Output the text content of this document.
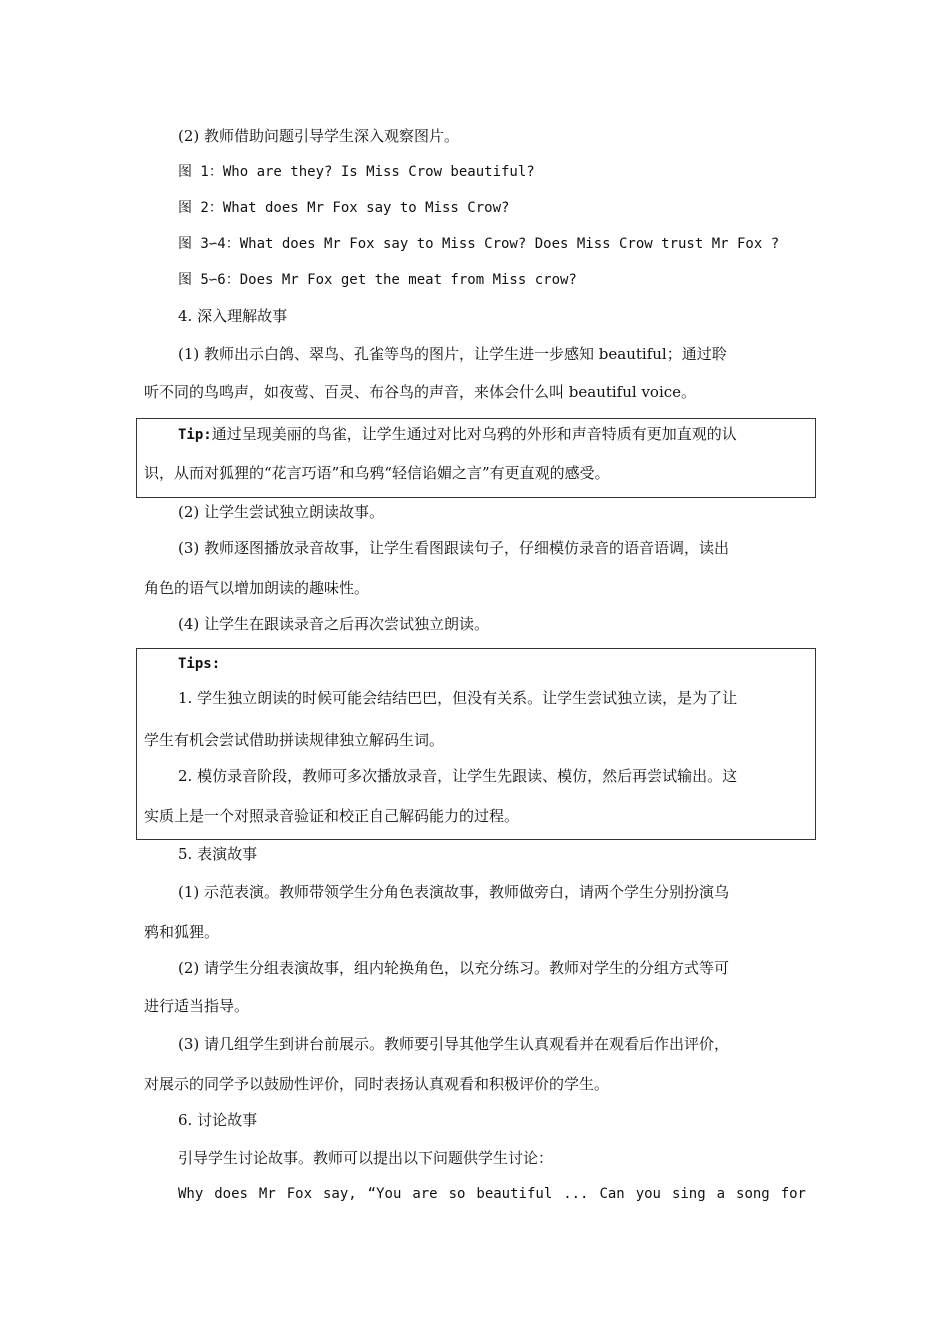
(2) 教师借助问题引导学生深入观察图片。
图 1：Who are they? Is Miss Crow beautiful?
图 2：What does Mr Fox say to Miss Crow?
图 3∽4：What does Mr Fox say to Miss Crow? Does Miss Crow trust Mr Fox ?
图 5∽6：Does Mr Fox get the meat from Miss crow?
4. 深入理解故事
(1) 教师出示白鸽、翠鸟、孔雀等鸟的图片，让学生进一步感知 beautiful；通过聆
听不同的鸟鸣声，如夜莺、百灵、布谷鸟的声音，来体会什么叫 beautiful voice。
Tip:通过呈现美丽的鸟雀，让学生通过对比对乌鸦的外形和声音特质有更加直观的认
识，从而对狐狸的“花言巧语”和乌鸦“轻信谄媚之言”有更直观的感受。
(2) 让学生尝试独立朗读故事。
(3) 教师逐图播放录音故事，让学生看图跟读句子，仔细模仿录音的语音语调，读出
角色的语气以增加朗读的趣味性。
(4) 让学生在跟读录音之后再次尝试独立朗读。
Tips:
1. 学生独立朗读的时候可能会结结巴巴，但没有关系。让学生尝试独立读，是为了让
学生有机会尝试借助拼读规律独立解码生词。
2. 模仿录音阶段，教师可多次播放录音，让学生先跟读、模仿，然后再尝试输出。这
实质上是一个对照录音验证和校正自己解码能力的过程。
5. 表演故事
(1) 示范表演。教师带领学生分角色表演故事，教师做旁白，请两个学生分别扮演乌
鸦和狐狸。
(2) 请学生分组表演故事，组内轮换角色，以充分练习。教师对学生的分组方式等可
进行适当指导。
(3) 请几组学生到讲台前展示。教师要引导其他学生认真观看并在观看后作出评价，
对展示的同学予以鼓励性评价，同时表扬认真观看和积极评价的学生。
6. 讨论故事
引导学生讨论故事。教师可以提出以下问题供学生讨论：
Why does Mr Fox say, “You are so beautiful ... Can you sing a song for
